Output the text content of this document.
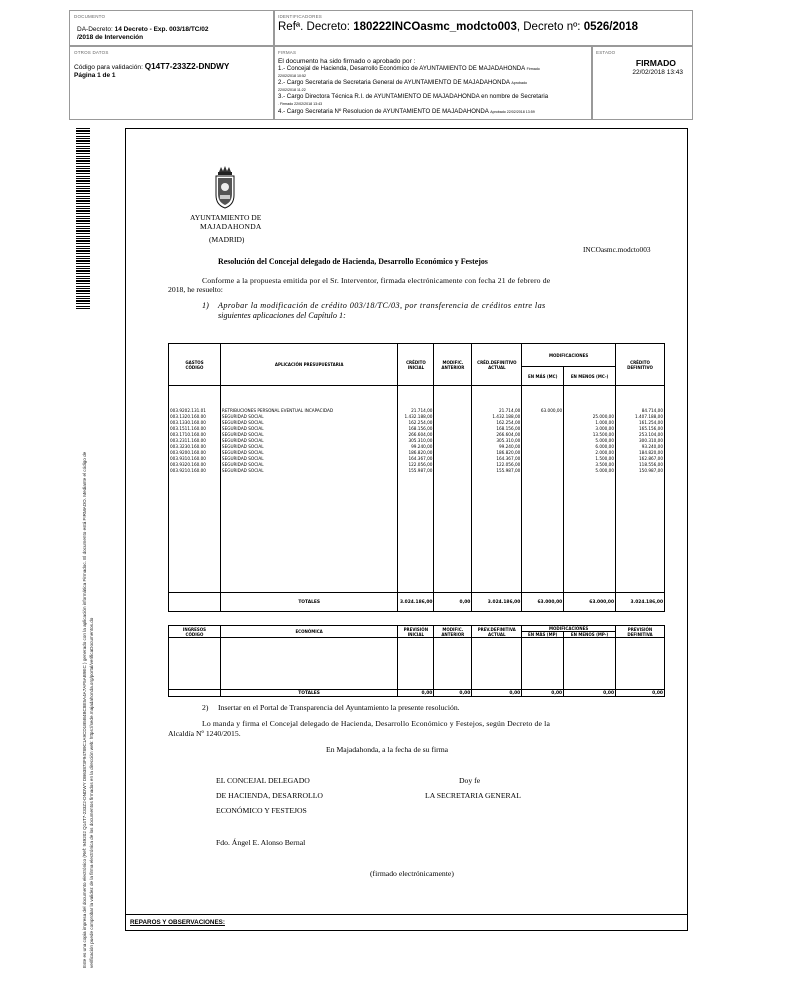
DOCUMENTO
DA-Decreto: 14 Decreto - Exp. 003/18/TC/02
/2018 de Intervención
IDENTIFICADORES
Refª. Decreto: 180222INCOasmc_modcto003, Decreto nº: 0526/2018
OTROS DATOS
Código para validación: Q14T7-233Z2-DNDWY
Página 1 de 1
FIRMAS
El documento ha sido firmado o aprobado por :
1.- Concejal de Hacienda, Desarrollo Económico de AYUNTAMIENTO DE MAJADAHONDA Firmado
22/02/2018 10:52
2.- Cargo Secretaria de Secretaria General de AYUNTAMIENTO DE MAJADAHONDA Aprobado
22/02/2018 11:22
3.- Cargo Directora Técnica R.I. de AYUNTAMIENTO DE MAJADAHONDA en nombre de Secretaria
. Firmado 22/02/2018 13:43
4.- Cargo Secretaria Nº Resolucion de AYUNTAMIENTO DE MAJADAHONDA Aprobado 22/02/2018 13:59
ESTADO
FIRMADO
22/02/2018 13:43
Este es una copia impresa del documento electrónico (Ref: 949202 Q14T7-233Z2-DNDWY DB63873F94789C1A9CD1B5B4BC8E5A4A7AF5AB9EC ) generado con la aplicación informática Firmadoc. El documento está FIRMADO. Mediante el código de verificación puede comprobar la validez de la firma electrónica de los documentos firmados en la dirección web: https://sede.majadahonda.org/portal/verificaDocumentos.do
AYUNTAMIENTO DE
MAJADAHONDA
(MADRID)
INCOasmc.modcto003
Resolución del Concejal delegado de Hacienda, Desarrollo Económico y Festejos
Conforme a la propuesta emitida por el Sr. Interventor, firmada electrónicamente con fecha 21 de febrero de
2018, he resuelto:
1) Aprobar la modificación de crédito 003/18/TC/03, por transferencia de créditos entre las
siguientes aplicaciones del Capítulo 1:
GASTOS
CÓDIGO	APLICACIÓN PRESUPUESTARIA	CRÉDITO
INICIAL	MODIFIC.
ANTERIOR	CRÉD.DEFINITIVO
ACTUAL	MODIFICACIONES		CRÉDITO
DEFINITIVO
					EN MÁS (MC)	EN MENOS (MC-)	

003.9202.131.01	RETRIBUCIONES PERSONAL EVENTUAL INCAPACIDAD	21.714,00		21.714,00	63.000,00		84.714,00
003.1320.160.00	SEGURIDAD SOCIAL	1.432.188,00		1.432.188,00		25.000,00	1.407.188,00
003.1330.160.00	SEGURIDAD SOCIAL	162.254,00		162.254,00		1.000,00	161.254,00
003.1511.160.00	SEGURIDAD SOCIAL	168.156,00		168.156,00		3.000,00	165.156,00
003.1710.160.00	SEGURIDAD SOCIAL	266.604,00		266.604,00		13.500,00	253.104,00
003.2311.160.00	SEGURIDAD SOCIAL	305.310,00		305.310,00		5.000,00	300.310,00
003.3230.160.00	SEGURIDAD SOCIAL	99.240,00		99.240,00		6.000,00	93.240,00
003.9200.160.00	SEGURIDAD SOCIAL	186.820,00		186.820,00		2.000,00	184.820,00
003.9310.160.00	SEGURIDAD SOCIAL	164.367,00		164.367,00		1.500,00	162.867,00
003.9320.160.00	SEGURIDAD SOCIAL	122.056,00		122.056,00		3.500,00	118.556,00
003.9210.160.00	SEGURIDAD SOCIAL	155.987,00		155.987,00		5.000,00	150.987,00

	TOTALES	3.024.186,00	0,00	3.024.186,00	63.000,00	63.000,00	3.024.186,00
INGRESOS
CÓDIGO	ECONÓMICA	PREVISIÓN
INICIAL	MODIFIC.
ANTERIOR	PREV.DEFINITIVA
ACTUAL	MODIFICACIONES		PREVISIÓN
DEFINITIVA
					EN MÁS (MP)	EN MENOS (MP-)	

	TOTALES	0,00	0,00	0,00	0,00	0,00	0,00
2) Insertar en el Portal de Transparencia del Ayuntamiento la presente resolución.
Lo manda y firma el Concejal delegado de Hacienda, Desarrollo Económico y Festejos, según Decreto de la
Alcaldía Nº 1240/2015.
En Majadahonda, a la fecha de su firma
EL CONCEJAL DELEGADO
DE HACIENDA, DESARROLLO
ECONÓMICO Y FESTEJOS
Doy fe
LA SECRETARIA GENERAL
Fdo. Ángel E. Alonso Bernal
(firmado electrónicamente)
REPAROS Y OBSERVACIONES:
